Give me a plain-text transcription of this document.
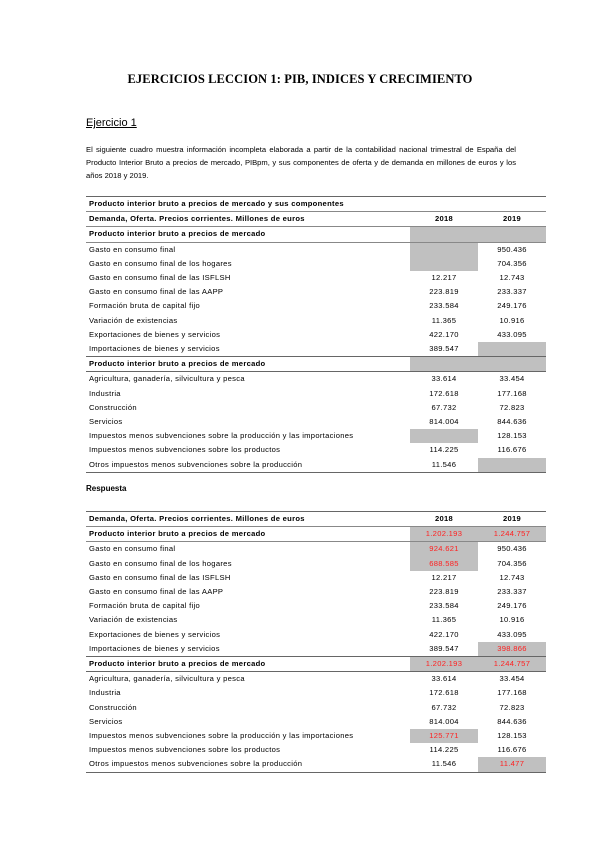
EJERCICIOS LECCION 1: PIB, INDICES Y CRECIMIENTO
Ejercicio 1
El siguiente cuadro muestra información incompleta elaborada a partir de la contabilidad nacional trimestral de España del Producto Interior Bruto a precios de mercado, PIBpm, y sus componentes de oferta y de demanda en millones de euros y los años 2018 y 2019.
Producto interior bruto a precios de mercado y sus componentes		
Demanda, Oferta. Precios corrientes. Millones de euros	2018	2019
Producto interior bruto a precios de mercado		
Gasto en consumo final		950.436
Gasto en consumo final de los hogares		704.356
Gasto en consumo final de las ISFLSH	12.217	12.743
Gasto en consumo final de las AAPP	223.819	233.337
Formación bruta de capital fijo	233.584	249.176
Variación de existencias	11.365	10.916
Exportaciones de bienes y servicios	422.170	433.095
Importaciones de bienes y servicios	389.547	
Producto interior bruto a precios de mercado		
Agricultura, ganadería, silvicultura y pesca	33.614	33.454
Industria	172.618	177.168
Construcción	67.732	72.823
Servicios	814.004	844.636
Impuestos menos subvenciones sobre la producción y las importaciones		128.153
Impuestos menos subvenciones sobre los productos	114.225	116.676
Otros impuestos menos subvenciones sobre la producción	11.546	
Respuesta
Demanda, Oferta. Precios corrientes. Millones de euros	2018	2019
Producto interior bruto a precios de mercado	1.202.193	1.244.757
Gasto en consumo final	924.621	950.436
Gasto en consumo final de los hogares	688.585	704.356
Gasto en consumo final de las ISFLSH	12.217	12.743
Gasto en consumo final de las AAPP	223.819	233.337
Formación bruta de capital fijo	233.584	249.176
Variación de existencias	11.365	10.916
Exportaciones de bienes y servicios	422.170	433.095
Importaciones de bienes y servicios	389.547	398.866
Producto interior bruto a precios de mercado	1.202.193	1.244.757
Agricultura, ganadería, silvicultura y pesca	33.614	33.454
Industria	172.618	177.168
Construcción	67.732	72.823
Servicios	814.004	844.636
Impuestos menos subvenciones sobre la producción y las importaciones	125.771	128.153
Impuestos menos subvenciones sobre los productos	114.225	116.676
Otros impuestos menos subvenciones sobre la producción	11.546	11.477
